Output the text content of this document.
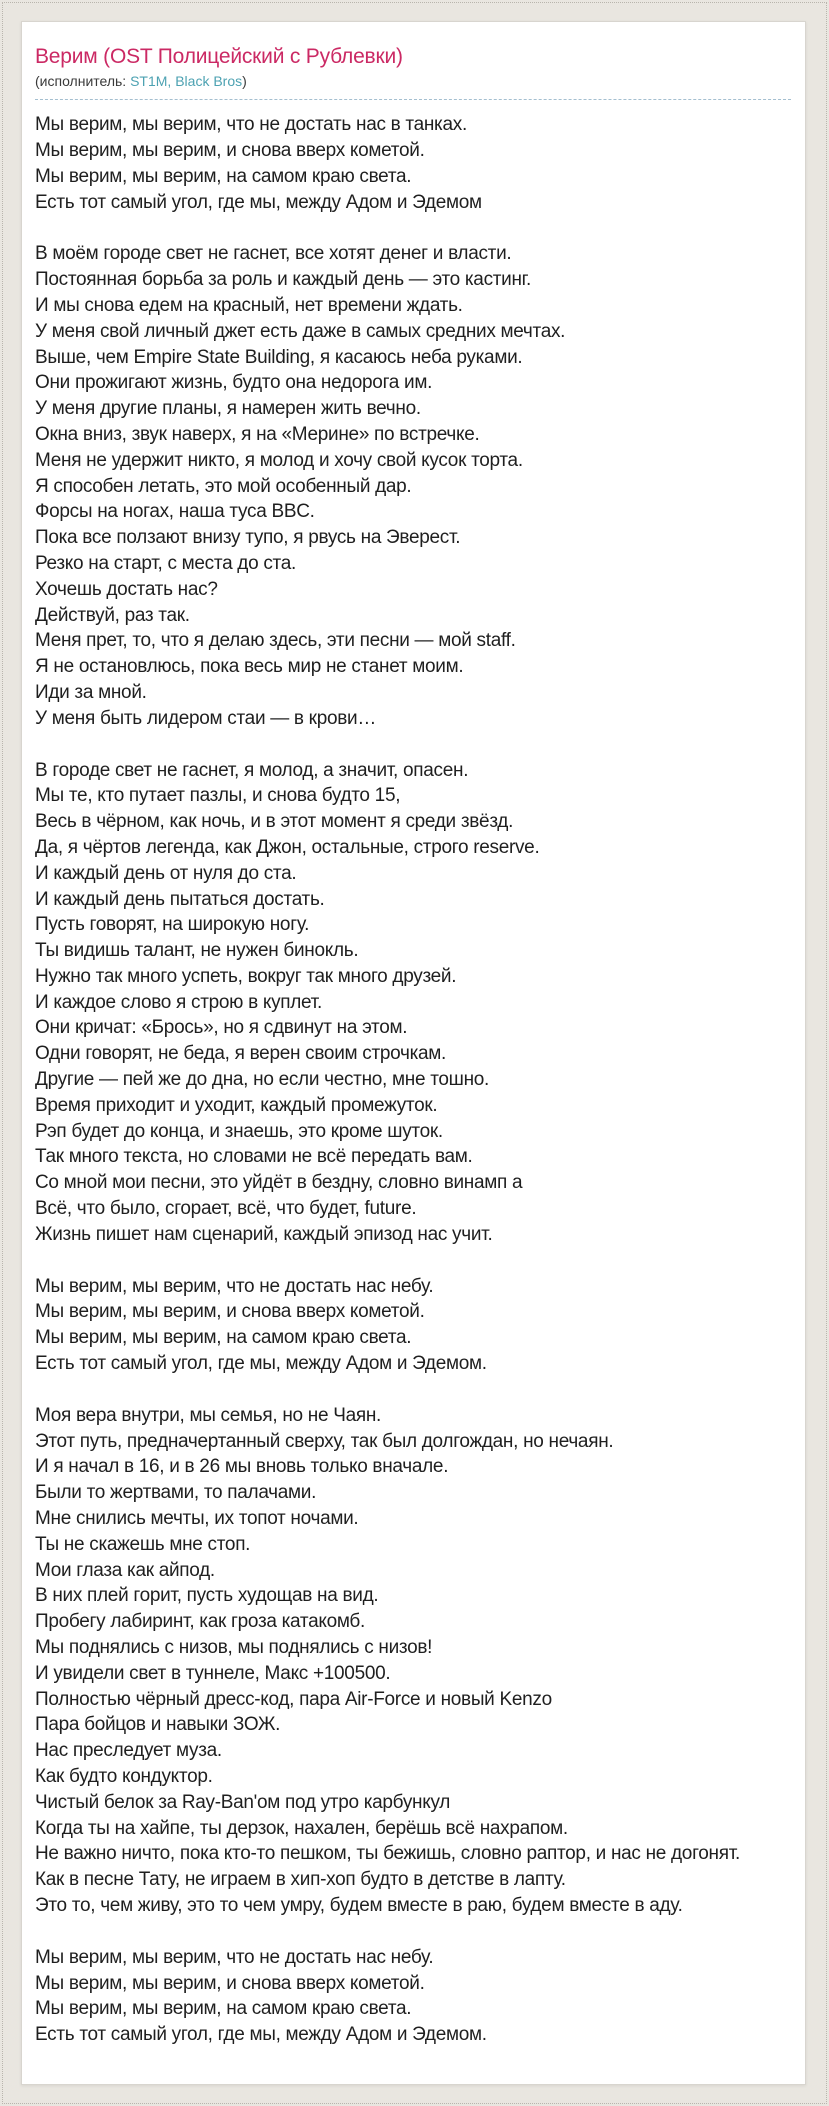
Верим (OST Полицейский с Рублевки)
(исполнитель: ST1M, Black Bros)
Мы верим, мы верим, что не достать нас в танках.
Мы верим, мы верим, и снова вверх кометой.
Мы верим, мы верим, на самом краю света.
Есть тот самый угол, где мы, между Адом и Эдемом
В моём городе свет не гаснет, все хотят денег и власти.
Постоянная борьба за роль и каждый день — это кастинг.
И мы снова едем на красный, нет времени ждать.
У меня свой личный джет есть даже в самых средних мечтах.
Выше, чем Empire State Building, я касаюсь неба руками.
Они прожигают жизнь, будто она недорога им.
У меня другие планы, я намерен жить вечно.
Окна вниз, звук наверх, я на «Мерине» по встречке.
Меня не удержит никто, я молод и хочу свой кусок торта.
Я способен летать, это мой особенный дар.
Форсы на ногах, наша туса BBC.
Пока все ползают внизу тупо, я рвусь на Эверест.
Резко на старт, с места до ста.
Хочешь достать нас?
Действуй, раз так.
Меня прет, то, что я делаю здесь, эти песни — мой staff.
Я не остановлюсь, пока весь мир не станет моим.
Иди за мной.
У меня быть лидером стаи — в крови…
В городе свет не гаснет, я молод, а значит, опасен.
Мы те, кто путает пазлы, и снова будто 15,
Весь в чёрном, как ночь, и в этот момент я среди звёзд.
Да, я чёртов легенда, как Джон, остальные, строго reserve.
И каждый день от нуля до ста.
И каждый день пытаться достать.
Пусть говорят, на широкую ногу.
Ты видишь талант, не нужен бинокль.
Нужно так много успеть, вокруг так много друзей.
И каждое слово я строю в куплет.
Они кричат: «Брось», но я сдвинут на этом.
Одни говорят, не беда, я верен своим строчкам.
Другие — пей же до дна, но если честно, мне тошно.
Время приходит и уходит, каждый промежуток.
Рэп будет до конца, и знаешь, это кроме шуток.
Так много текста, но словами не всё передать вам.
Со мной мои песни, это уйдёт в бездну, словно винамп а
Всё, что было, сгорает, всё, что будет, future.
Жизнь пишет нам сценарий, каждый эпизод нас учит.
Мы верим, мы верим, что не достать нас небу.
Мы верим, мы верим, и снова вверх кометой.
Мы верим, мы верим, на самом краю света.
Есть тот самый угол, где мы, между Адом и Эдемом.
Моя вера внутри, мы семья, но не Чаян.
Этот путь, предначертанный сверху, так был долгождан, но нечаян.
И я начал в 16, и в 26 мы вновь только вначале.
Были то жертвами, то палачами.
Мне снились мечты, их топот ночами.
Ты не скажешь мне стоп.
Мои глаза как айпод.
В них плей горит, пусть худощав на вид.
Пробегу лабиринт, как гроза катакомб.
Мы поднялись с низов, мы поднялись с низов!
И увидели свет в туннеле, Макс +100500.
Полностью чёрный дресс-код, пара Air-Force и новый Kenzo
Пара бойцов и навыки ЗОЖ.
Нас преследует муза.
Как будто кондуктор.
Чистый белок за Ray-Ban'ом под утро карбункул
Когда ты на хайпе, ты дерзок, нахален, берёшь всё нахрапом.
Не важно ничто, пока кто-то пешком, ты бежишь, словно раптор, и нас не догонят.
Как в песне Тату, не играем в хип-хоп будто в детстве в лапту.
Это то, чем живу, это то чем умру, будем вместе в раю, будем вместе в аду.
Мы верим, мы верим, что не достать нас небу.
Мы верим, мы верим, и снова вверх кометой.
Мы верим, мы верим, на самом краю света.
Есть тот самый угол, где мы, между Адом и Эдемом.
